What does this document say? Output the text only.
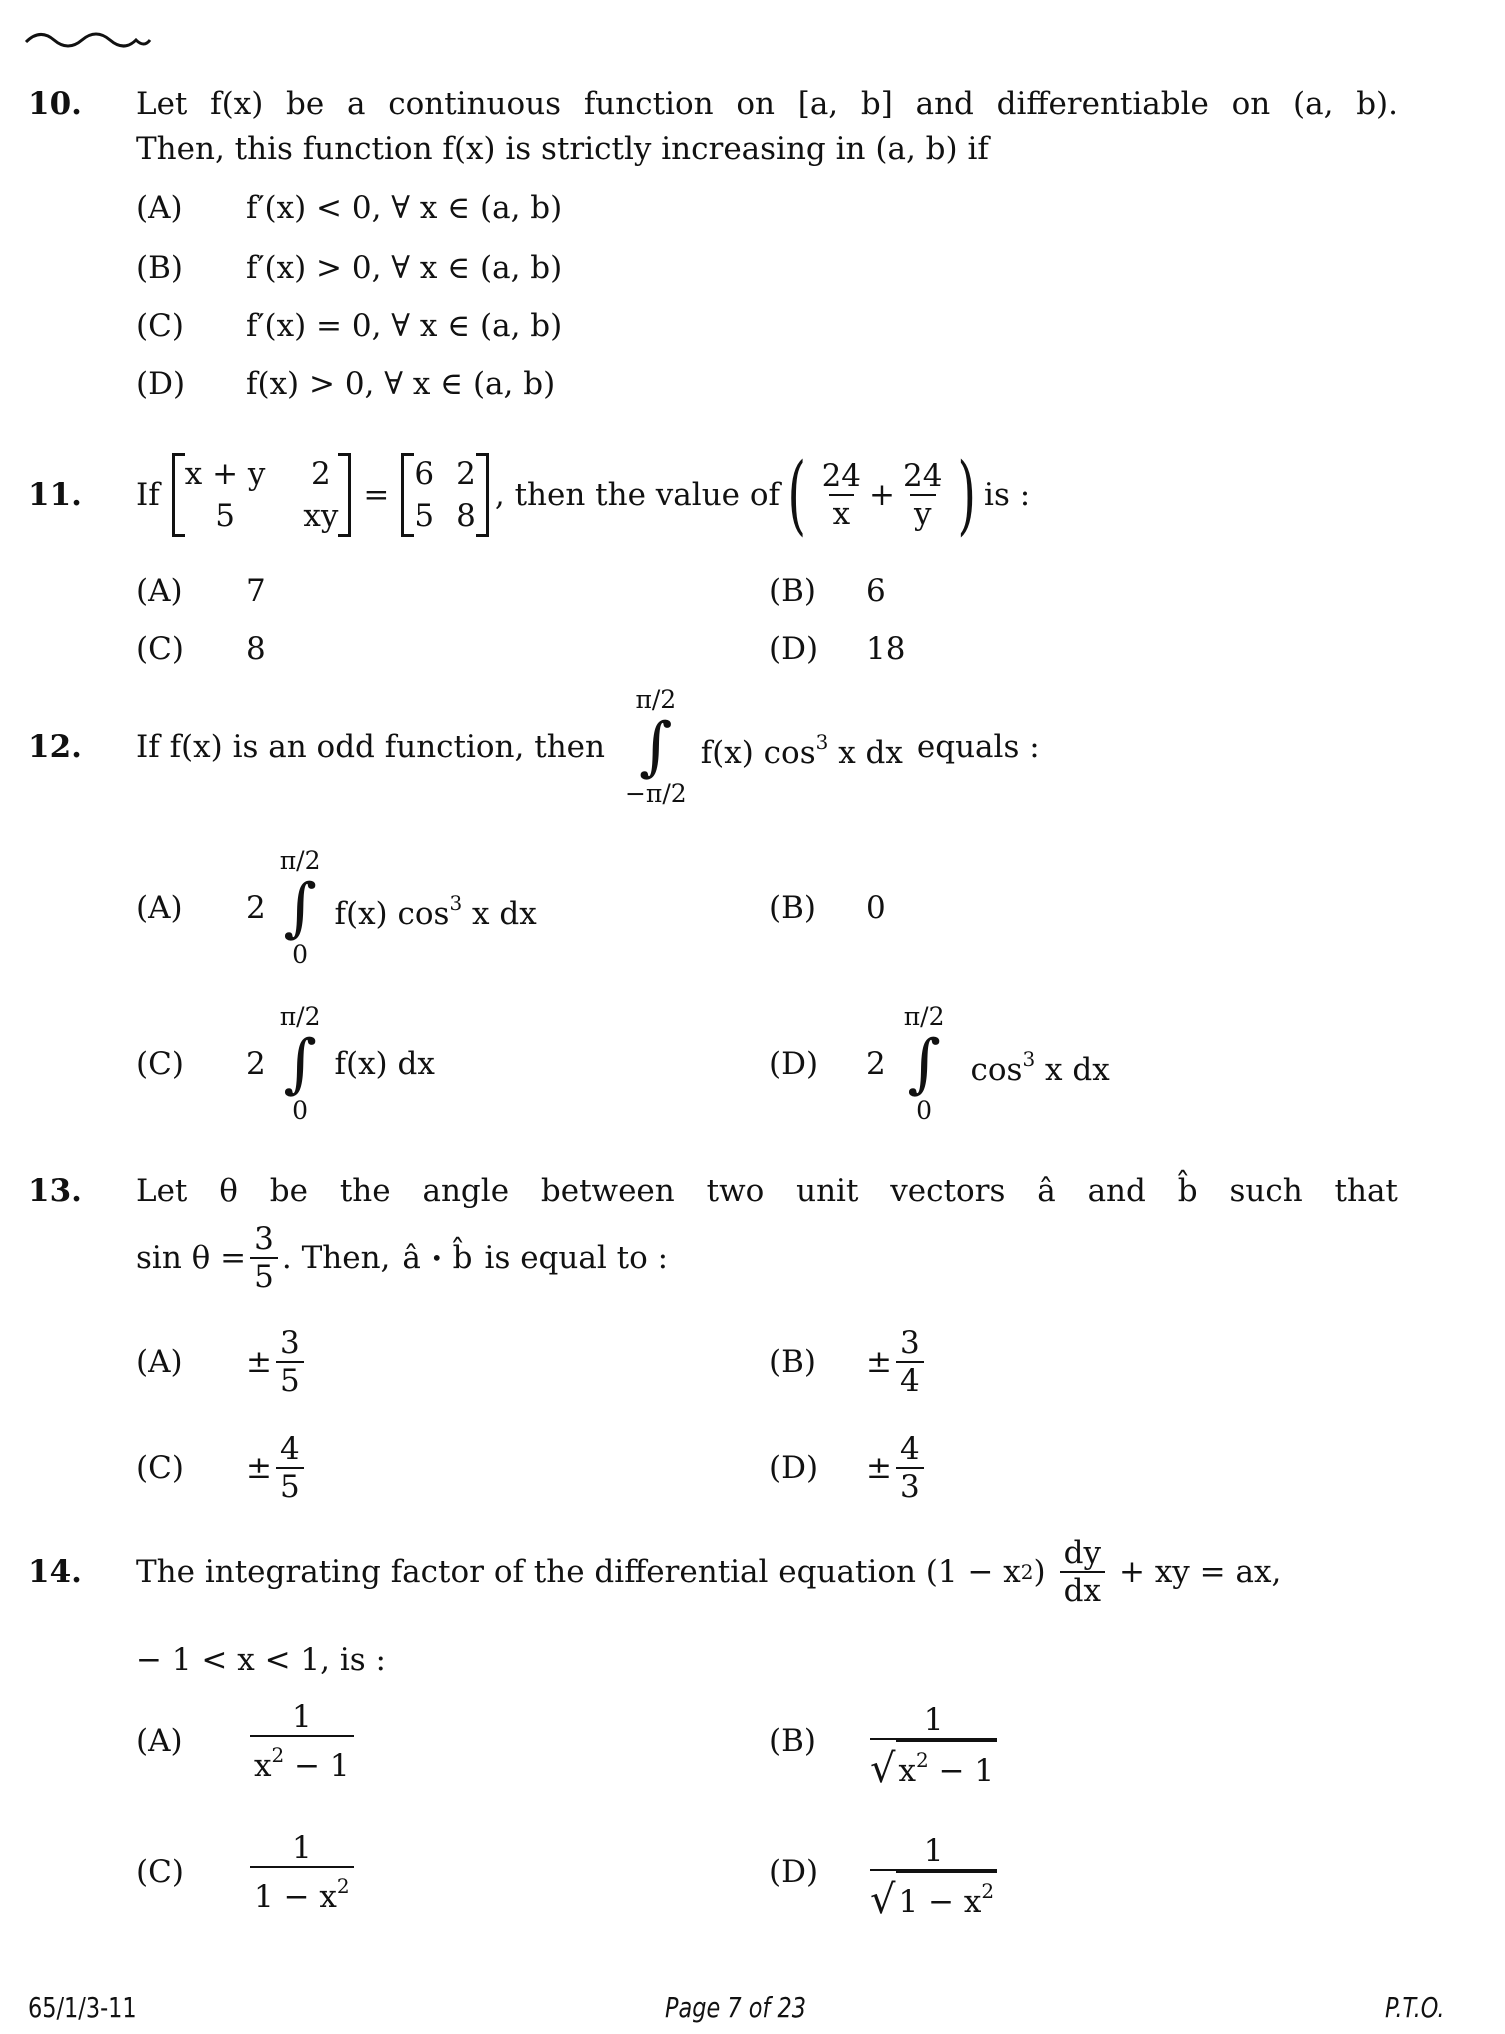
10. Let f(x) be a continuous function on [a, b] and differentiable on (a, b).
Then, this function f(x) is strictly increasing in (a, b) if
(A) f′(x) < 0, ∀ x ∈ (a, b)
(B) f′(x) > 0, ∀ x ∈ (a, b)
(C) f′(x) = 0, ∀ x ∈ (a, b)
(D) f(x) > 0, ∀ x ∈ (a, b)
11. If
x + y 2
5	xy
=
6 2
5 8
, then the value of ( $\frac{24}{x} + \frac{24}{y}$ ) is :
(A) 7	(B) 6
(C) 8	(D) 18
12. If f(x) is an odd function, then
π/2
∫
−π/2
f(x) $\cos^3 x$ dx equals :
(A) 2
π/2
∫
0
f(x) $\cos^3 x$ dx	(B) 0
(C) 2
π/2
∫
0
f(x) dx	(D) 2
π/2
∫
0
$\cos^3 x$ dx
13. Let θ be the angle between two unit vectors â and b̂ such that
$\sin \theta = \frac{3}{5}$ . Then, â • b̂ is equal to :
$(A) \pm \frac{3}{5}$	$(B) \pm \frac{3}{4}$
$(C) \pm \frac{4}{5}$	$(D) \pm \frac{4}{3}$
14. The integrating factor of the differential equation (1 − x 2 ) $\frac{dy}{dx}$ + xy = ax,
− 1 < x < 1, is :
$(A) \frac{1}{x^2 - 1}$	$(B) \frac{1}{√ x^2 - 1}$
$(C) \frac{1}{1 - x^2}$	$(D) \frac{1}{√ 1 - x^2}$
65/1/3-11	Page 7 of 23	P.T.O.
